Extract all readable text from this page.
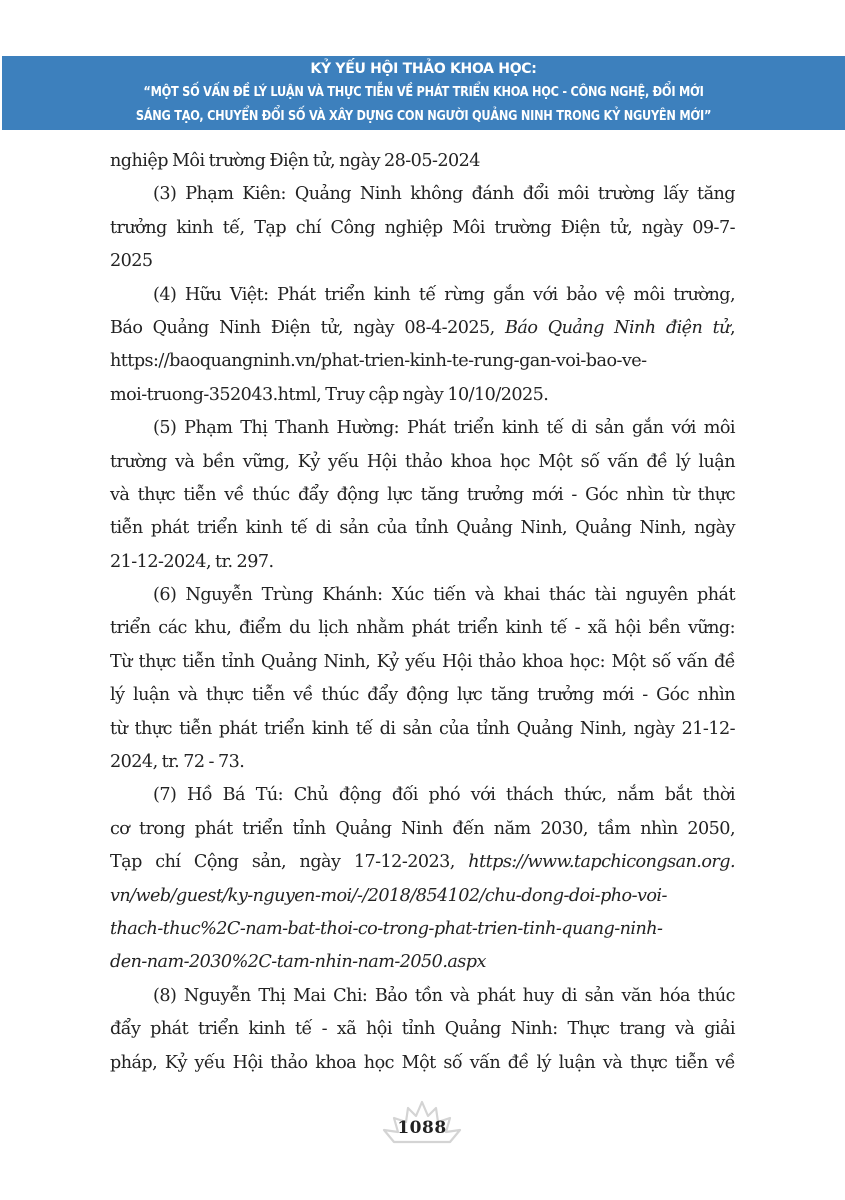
KỶ YẾU HỘI THẢO KHOA HỌC:
“MỘT SỐ VẤN ĐỀ LÝ LUẬN VÀ THỰC TIỄN VỀ PHÁT TRIỂN KHOA HỌC - CÔNG NGHỆ, ĐỔI MỚI
SÁNG TẠO, CHUYỂN ĐỔI SỐ VÀ XÂY DỰNG CON NGƯỜI QUẢNG NINH TRONG KỶ NGUYÊN MỚI”
nghiệp Môi trường Điện tử, ngày 28-05-2024
(3) Phạm Kiên: Quảng Ninh không đánh đổi môi trường lấy tăng
trưởng kinh tế, Tạp chí Công nghiệp Môi trường Điện tử, ngày 09-7-
2025
(4) Hữu Việt: Phát triển kinh tế rừng gắn với bảo vệ môi trường,
Báo Quảng Ninh Điện tử, ngày 08-4-2025, Báo Quảng Ninh điện tử,
https://baoquangninh.vn/phat-trien-kinh-te-rung-gan-voi-bao-ve-
moi-truong-352043.html, Truy cập ngày 10/10/2025.
(5) Phạm Thị Thanh Hường: Phát triển kinh tế di sản gắn với môi
trường và bền vững, Kỷ yếu Hội thảo khoa học Một số vấn đề lý luận
và thực tiễn về thúc đẩy động lực tăng trưởng mới - Góc nhìn từ thực
tiễn phát triển kinh tế di sản của tỉnh Quảng Ninh, Quảng Ninh, ngày
21-12-2024, tr. 297.
(6) Nguyễn Trùng Khánh: Xúc tiến và khai thác tài nguyên phát
triển các khu, điểm du lịch nhằm phát triển kinh tế - xã hội bền vững:
Từ thực tiễn tỉnh Quảng Ninh, Kỷ yếu Hội thảo khoa học: Một số vấn đề
lý luận và thực tiễn về thúc đẩy động lực tăng trưởng mới - Góc nhìn
từ thực tiễn phát triển kinh tế di sản của tỉnh Quảng Ninh, ngày 21-12-
2024, tr. 72 - 73.
(7) Hồ Bá Tú: Chủ động đối phó với thách thức, nắm bắt thời
cơ trong phát triển tỉnh Quảng Ninh đến năm 2030, tầm nhìn 2050,
Tạp chí Cộng sản, ngày 17-12-2023, https://www.tapchicongsan.org.
vn/web/guest/ky-nguyen-moi/-/2018/854102/chu-dong-doi-pho-voi-
thach-thuc%2C-nam-bat-thoi-co-trong-phat-trien-tinh-quang-ninh-
den-nam-2030%2C-tam-nhin-nam-2050.aspx
(8) Nguyễn Thị Mai Chi: Bảo tồn và phát huy di sản văn hóa thúc
đẩy phát triển kinh tế - xã hội tỉnh Quảng Ninh: Thực trang và giải
pháp, Kỷ yếu Hội thảo khoa học Một số vấn đề lý luận và thực tiễn về
1088
